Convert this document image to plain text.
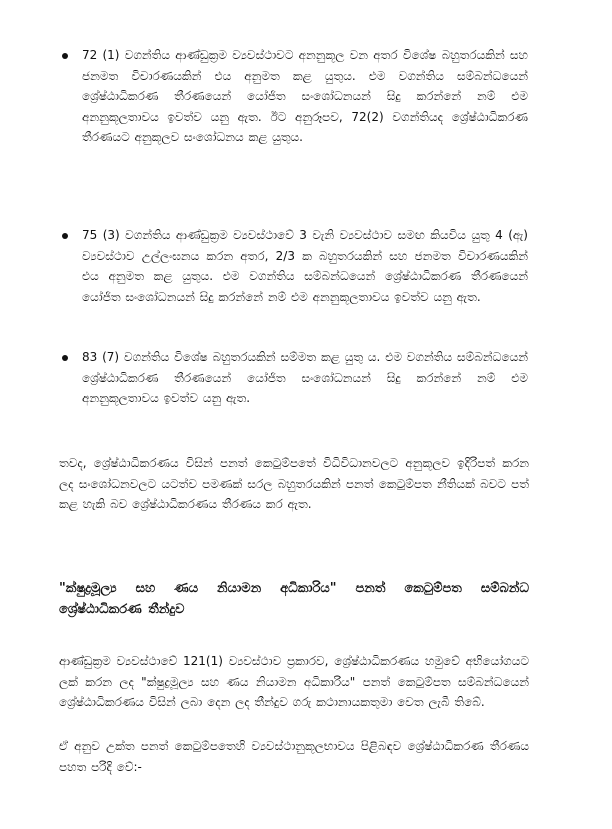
72 (1) වගන්තිය ආණ්ඩුක්‍රම ව්‍යවස්ථාවට අනනුකූල වන අතර විශේෂ බහුතරයකින් සහ ජනමත විචාරණයකින් එය අනුමත කළ යුතුය. එම වගන්තිය සම්බන්ධයෙන් ශ්‍රේෂ්ඨාධිකරණ තීරණයෙන් යෝජිත සංශෝධනයන් සිදු කරන්නේ නම් එම අනනුකූලතාවය ඉවත්ව යනු ඇත. ඊට අනුරූපව, 72(2) වගන්තියද ශ්‍රේෂ්ඨාධිකරණ තීරණයට අනුකූලව සංශෝධනය කළ යුතුය.

75 (3) වගන්තිය ආණ්ඩුක්‍රම ව්‍යවස්ථාවේ 3 වැනි ව්‍යවස්ථාව සමඟ කියවිය යුතු 4 (ඇ) ව්‍යවස්ථාව උල්ලංඝනය කරන අතර, 2/3 ක බහුතරයකින් සහ ජනමත විචාරණයකින් එය අනුමත කළ යුතුය. එම වගන්තිය සම්බන්ධයෙන් ශ්‍රේෂ්ඨාධිකරණ තීරණයෙන් යෝජිත සංශෝධනයන් සිදු කරන්නේ නම් එම අනනුකූලතාවය ඉවත්ව යනු ඇත.

83 (7) වගන්තිය විශේෂ බහුතරයකින් සම්මත කළ යුතු ය. එම වගන්තිය සම්බන්ධයෙන් ශ්‍රේෂ්ඨාධිකරණ තීරණයෙන් යෝජිත සංශෝධනයන් සිදු කරන්නේ නම් එම අනනුකූලතාවය ඉවත්ව යනු ඇත.

තවද, ශ්‍රේෂ්ඨාධිකරණය විසින් පනත් කෙටුම්පතේ විධිවිධානවලට අනුකූලව ඉදිරිපත් කරන ලද සංශෝධනවලට යටත්ව පමණක් සරල බහුතරයකින් පනත් කෙටුම්පත නීතියක් බවට පත් කළ හැකි බව ශ්‍රේෂ්ඨාධිකරණය තීරණය කර ඇත.

"ක්ෂුද්‍රමූල්‍ය සහ ණය නියාමන අධිකාරිය" පනත් කෙටුම්පත සම්බන්ධ ශ්‍රේෂ්ඨාධිකරණ තීන්දුව

ආණ්ඩුක්‍රම ව්‍යවස්ථාවේ 121(1) ව්‍යවස්ථාව ප්‍රකාරව, ශ්‍රේෂ්ඨාධිකරණය හමුවේ අභියෝගයට ලක් කරන ලද "ක්ෂුද්‍රමූල්‍ය සහ ණය නියාමන අධිකාරිය" පනත් කෙටුම්පත සම්බන්ධයෙන් ශ්‍රේෂ්ඨාධිකරණය විසින් ලබා දෙන ලද තීන්දුව ගරු කථානායකතුමා වෙත ලැබී තිබේ.

ඒ අනුව උක්ත පනත් කෙටුම්පතෙහි ව්‍යවස්ථානුකූලභාවය පිළිබඳව ශ්‍රේෂ්ඨාධිකරණ තීරණය පහත පරිදි වේ:-
